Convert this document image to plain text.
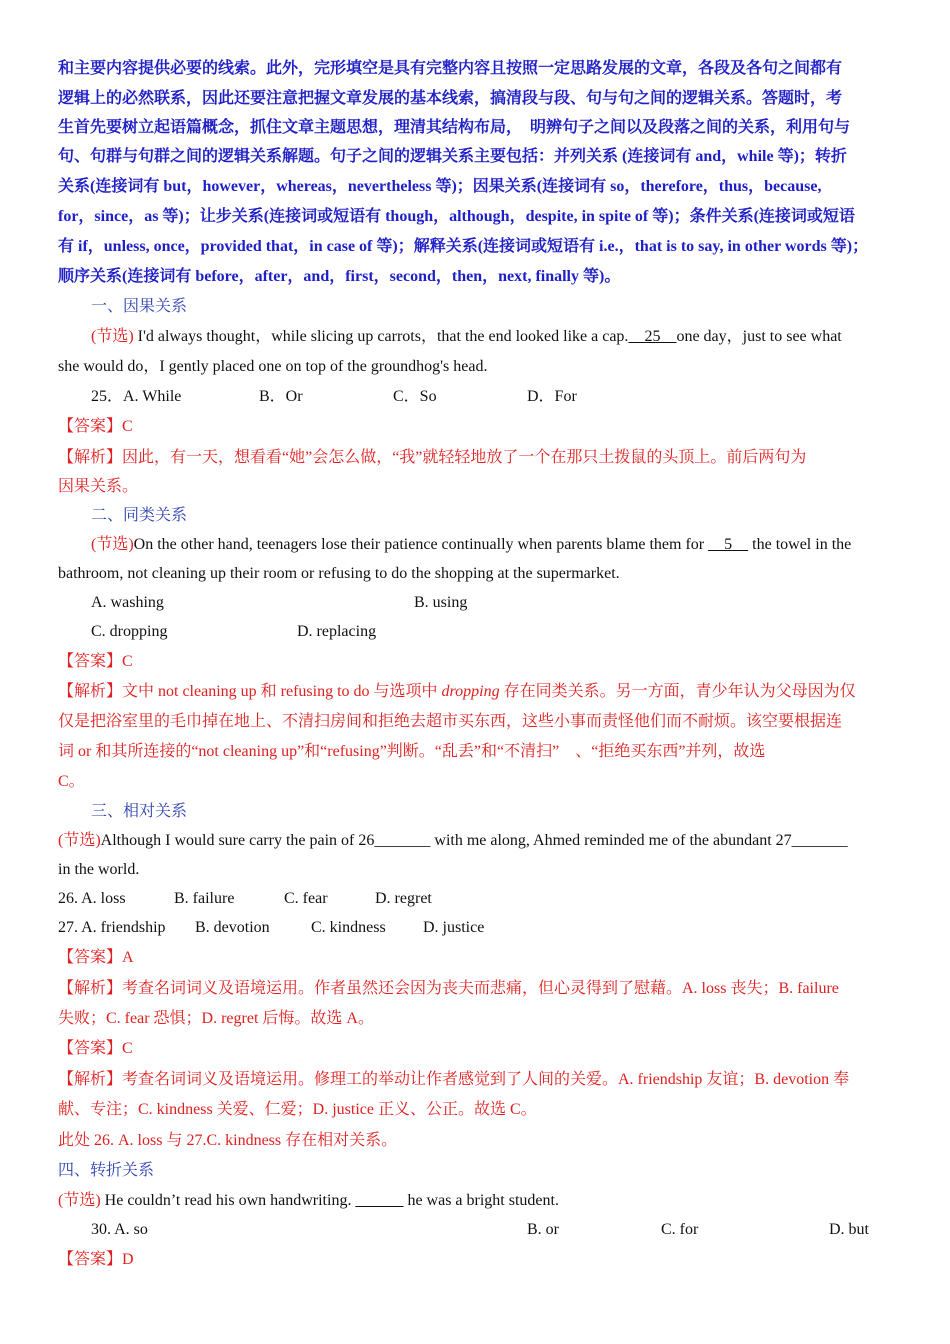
和主要内容提供必要的线索。此外，完形填空是具有完整内容且按照一定思路发展的文章，各段及各句之间都有
逻辑上的必然联系，因此还要注意把握文章发展的基本线索，搞清段与段、句与句之间的逻辑关系。答题时，考
生首先要树立起语篇概念，抓住文章主题思想，理清其结构布局，　明辨句子之间以及段落之间的关系，利用句与
句、句群与句群之间的逻辑关系解题。句子之间的逻辑关系主要包括：并列关系 (连接词有 and，while 等)；转折
关系(连接词有 but，however，whereas，nevertheless 等)；因果关系(连接词有 so，therefore，thus，because,
for，since，as 等)；让步关系(连接词或短语有 though，although，despite, in spite of 等)；条件关系(连接词或短语
有 if，unless, once，provided that，in case of 等)；解释关系(连接词或短语有 i.e.，that is to say, in other words 等)；
顺序关系(连接词有 before，after，and，first，second，then，next, finally 等)。
一、因果关系
(节选) I'd always thought，while slicing up carrots，that the end looked like a cap.　25　one day，just to see what
she would do，I gently placed one on top of the groundhog's head.
25．A. While	B．Or	C．So	D．For
【答案】C
【解析】因此，有一天，想看看“她”会怎么做，“我”就轻轻地放了一个在那只土拨鼠的头顶上。前后两句为
因果关系。
二、同类关系
(节选)On the other hand, teenagers lose their patience continually when parents blame them for 　5　 the towel in the
bathroom, not cleaning up their room or refusing to do the shopping at the supermarket.
A. washing	B. using
C. dropping	D. replacing
【答案】C
【解析】文中 not cleaning up 和 refusing to do 与选项中 dropping 存在同类关系。另一方面，青少年认为父母因为仅
仅是把浴室里的毛巾掉在地上、不清扫房间和拒绝去超市买东西，这些小事而责怪他们而不耐烦。该空要根据连
词 or 和其所连接的“not cleaning up”和“refusing”判断。“乱丢”和“不清扫”　、“拒绝买东西”并列，故选
C。
三、相对关系
(节选)Although I would sure carry the pain of 26_______ with me along, Ahmed reminded me of the abundant 27_______
in the world.
26. A. loss	B. failure	C. fear	D. regret
27. A. friendship B. devotion	C. kindness D. justice
【答案】A
【解析】考查名词词义及语境运用。作者虽然还会因为丧夫而悲痛，但心灵得到了慰藉。A. loss 丧失；B. failure
失败；C. fear 恐惧；D. regret 后悔。故选 A。
【答案】C
【解析】考查名词词义及语境运用。修理工的举动让作者感觉到了人间的关爱。A. friendship 友谊；B. devotion 奉
献、专注；C. kindness 关爱、仁爱；D. justice 正义、公正。故选 C。
此处 26. A. loss 与 27.C. kindness 存在相对关系。
四、转折关系
(节选) He couldn’t read his own handwriting. ______ he was a bright student.
30. A. so	B. or	C. for	D. but
【答案】D
